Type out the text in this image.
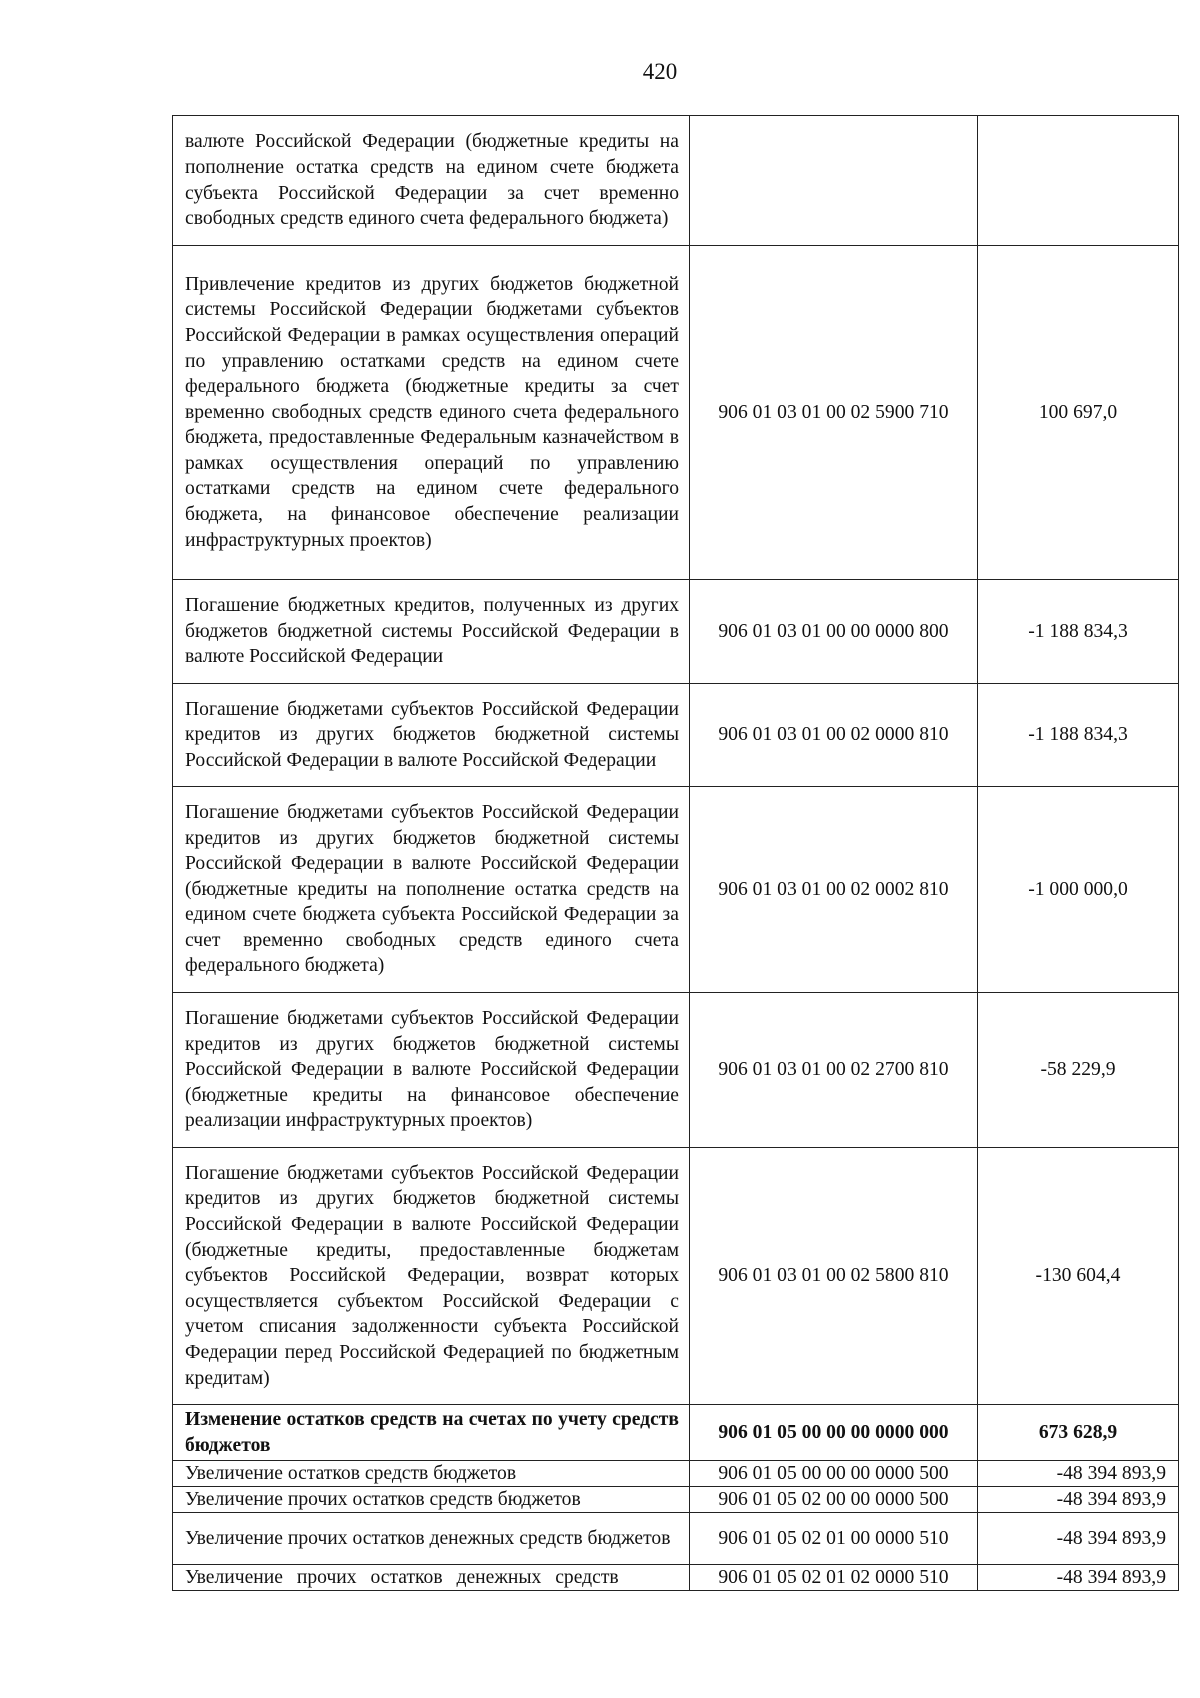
420
валюте Российской Федерации (бюджетные кредиты на пополнение остатка средств на едином счете бюджета субъекта Российской Федерации за счет временно свободных средств единого счета федерального бюджета)		
Привлечение кредитов из других бюджетов бюджетной системы Российской Федерации бюджетами субъектов Российской Федерации в рамках осуществления операций по управлению остатками средств на едином счете федерального бюджета (бюджетные кредиты за счет временно свободных средств единого счета федерального бюджета, предоставленные Федеральным казначейством в рамках осуществления операций по управлению остатками средств на едином счете федерального бюджета, на финансовое обеспечение реализации инфраструктурных проектов)	906 01 03 01 00 02 5900 710	100 697,0
Погашение бюджетных кредитов, полученных из других бюджетов бюджетной системы Российской Федерации в валюте Российской Федерации	906 01 03 01 00 00 0000 800	-1 188 834,3
Погашение бюджетами субъектов Российской Федерации кредитов из других бюджетов бюджетной системы Российской Федерации в валюте Российской Федерации	906 01 03 01 00 02 0000 810	-1 188 834,3
Погашение бюджетами субъектов Российской Федерации кредитов из других бюджетов бюджетной системы Российской Федерации в валюте Российской Федерации (бюджетные кредиты на пополнение остатка средств на едином счете бюджета субъекта Российской Федерации за счет временно свободных средств единого счета федерального бюджета)	906 01 03 01 00 02 0002 810	-1 000 000,0
Погашение бюджетами субъектов Российской Федерации кредитов из других бюджетов бюджетной системы Российской Федерации в валюте Российской Федерации (бюджетные кредиты на финансовое обеспечение реализации инфраструктурных проектов)	906 01 03 01 00 02 2700 810	-58 229,9
Погашение бюджетами субъектов Российской Федерации кредитов из других бюджетов бюджетной системы Российской Федерации в валюте Российской Федерации (бюджетные кредиты, предоставленные бюджетам субъектов Российской Федерации, возврат которых осуществляется субъектом Российской Федерации с учетом списания задолженности субъекта Российской Федерации перед Российской Федерацией по бюджетным кредитам)	906 01 03 01 00 02 5800 810	-130 604,4
Изменение остатков средств на счетах по учету средств бюджетов	906 01 05 00 00 00 0000 000	673 628,9
Увеличение остатков средств бюджетов	906 01 05 00 00 00 0000 500	-48 394 893,9
Увеличение прочих остатков средств бюджетов	906 01 05 02 00 00 0000 500	-48 394 893,9
Увеличение прочих остатков денежных средств бюджетов	906 01 05 02 01 00 0000 510	-48 394 893,9
Увеличение прочих остатков денежных средств	906 01 05 02 01 02 0000 510	-48 394 893,9
